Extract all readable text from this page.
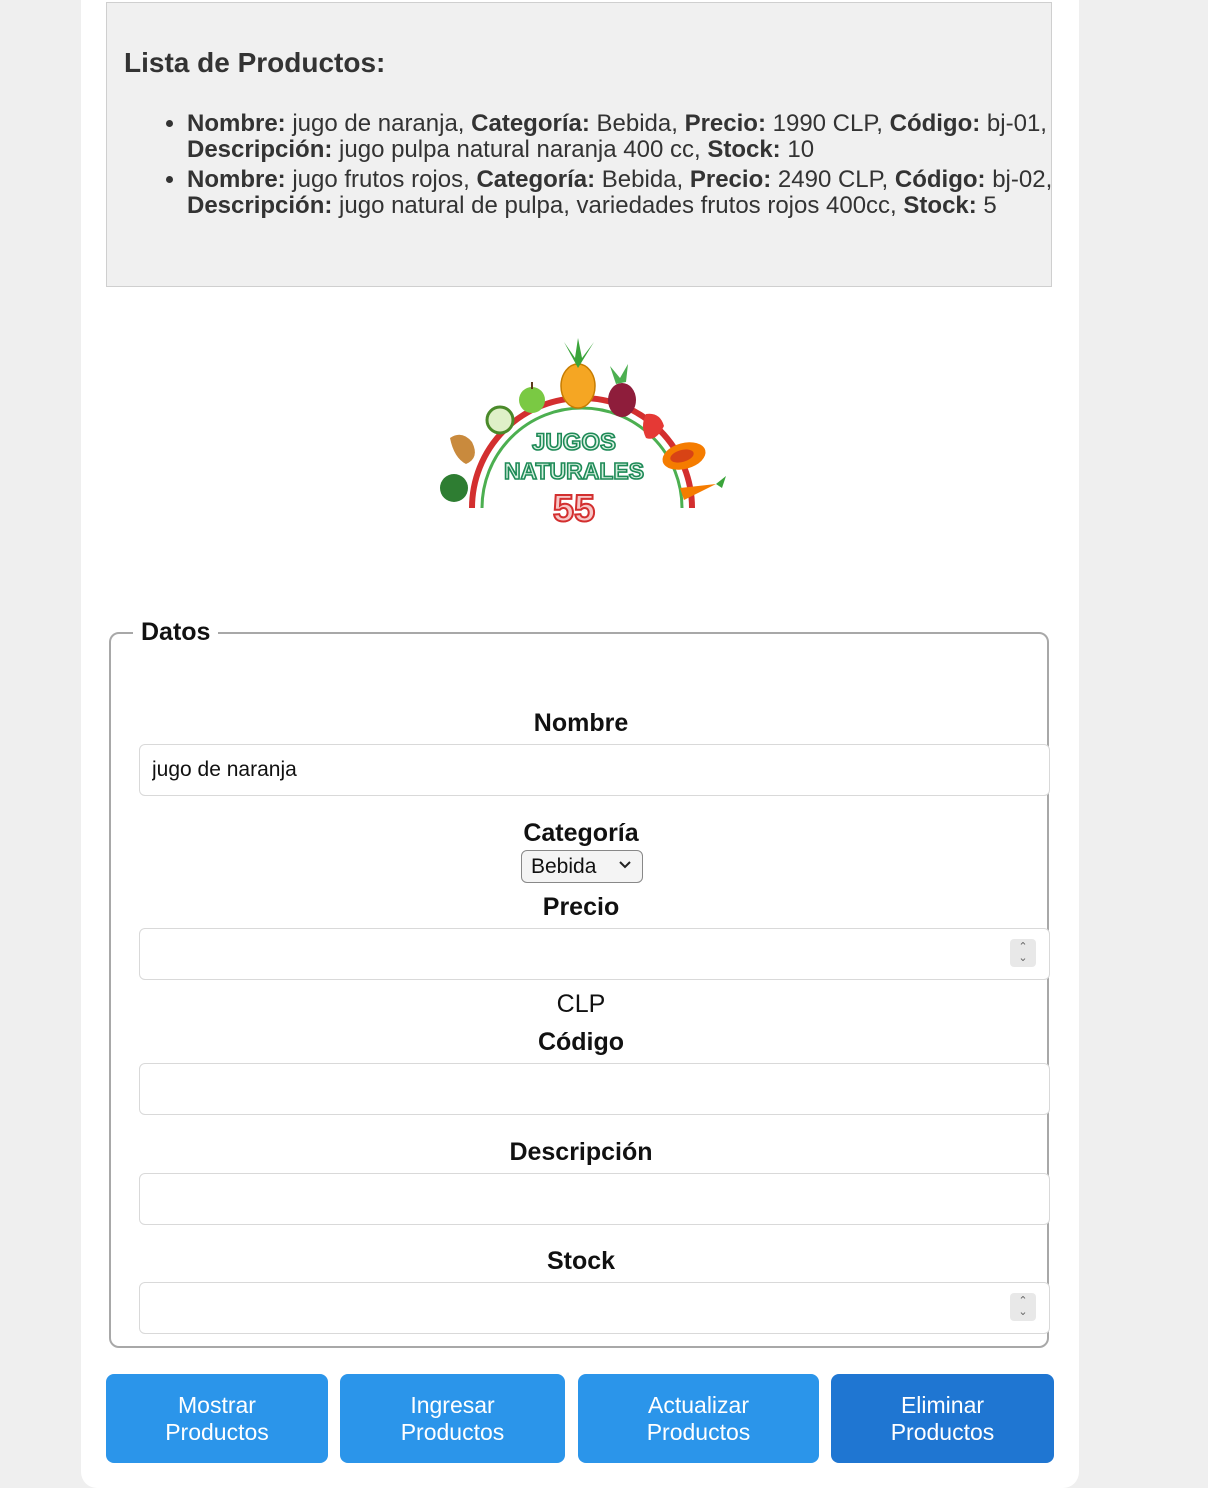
Lista de Productos:
• Nombre: jugo de naranja, Categoría: Bebida, Precio: 1990 CLP, Código: bj-01, Descripción: jugo pulpa natural naranja 400 cc, Stock: 10
• Nombre: jugo frutos rojos, Categoría: Bebida, Precio: 2490 CLP, Código: bj-02, Descripción: jugo natural de pulpa, variedades frutos rojos 400cc, Stock: 5
JUGOS
NATURALES
55
Datos
Nombre
jugo de naranja
Categoría
Bebida
Precio
⌃
⌄
CLP
Código
Descripción
Stock
⌃
⌄
Mostrar Productos
Ingresar Productos
Actualizar Productos
Eliminar Productos
